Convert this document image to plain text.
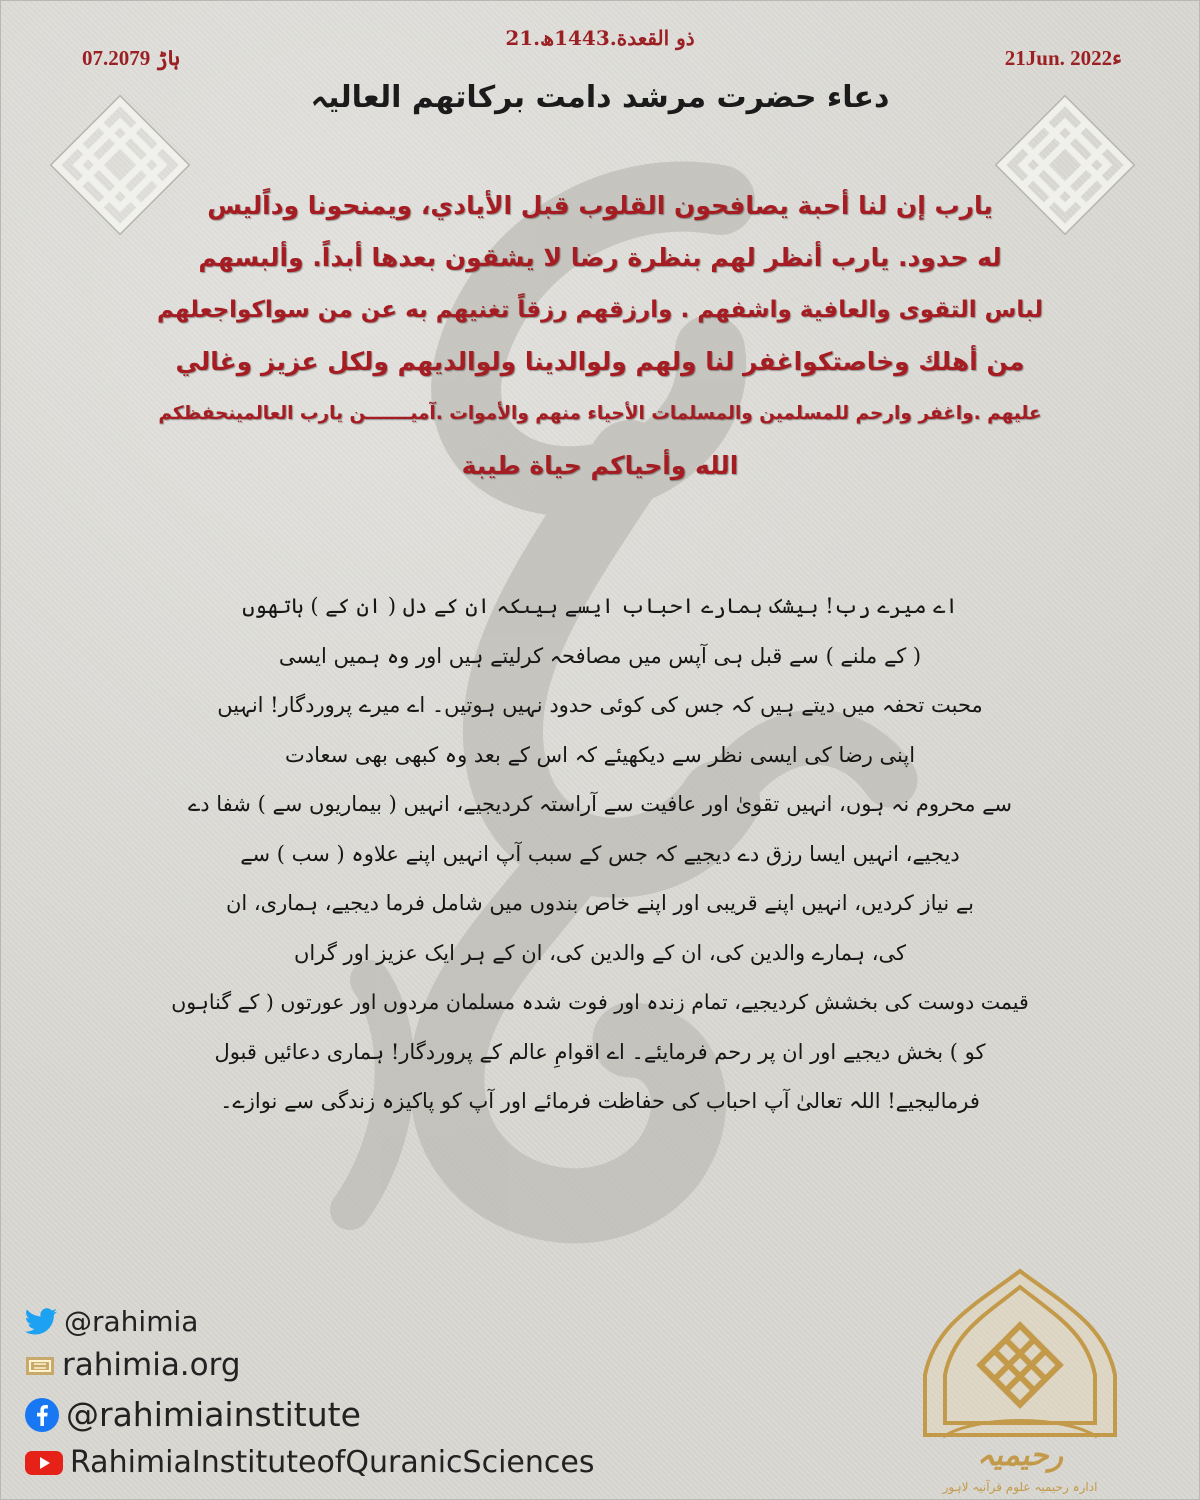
21.ذو القعدة.1443ھ
21Jun. 2022ء
07.ہاڑ 2079
دعاء حضرت مرشد دامت برکاتھم العالیہ
یارب إن لنا أحبة یصافحون القلوب قبل الأیادي، ویمنحونا وداًلیس
له حدود. یارب أنظر لهم بنظرة رضا لا یشقون بعدها أبداً. وألبسهم
لباس التقوی والعافیة واشفهم . وارزقهم رزقاً تغنیهم به عن من سواکواجعلهم
من أهلك وخاصتکواغفر لنا ولهم ولوالدینا ولوالدیهم ولکل عزیز وغالي
علیهم .واغفر وارحم للمسلمین والمسلمات الأحیاء منهم والأموات .آمیـــــــن یارب العالمینحفظکم
الله وأحیاکم حیاة طیبة
اے میرے رب! بیشک ہمارے احباب ایسے ہیںکہ ان کے دل ( ان کے ) ہاتھوں
( کے ملنے ) سے قبل ہی آپس میں مصافحہ کرلیتے ہیں اور وہ ہمیں ایسی
محبت تحفہ میں دیتے ہیں کہ جس کی کوئی حدود نہیں ہوتیں۔ اے میرے پروردگار! انہیں
اپنی رضا کی ایسی نظر سے دیکھیئے کہ اس کے بعد وہ کبھی بھی سعادت
سے محروم نہ ہوں، انہیں تقویٰ اور عافیت سے آراستہ کردیجیے، انہیں ( بیماریوں سے ) شفا دے
دیجیے، انہیں ایسا رزق دے دیجیے کہ جس کے سبب آپ انہیں اپنے علاوہ ( سب ) سے
بے نیاز کردیں، انہیں اپنے قریبی اور اپنے خاص بندوں میں شامل فرما دیجیے، ہماری، ان
کی، ہمارے والدین کی، ان کے والدین کی، ان کے ہر ایک عزیز اور گراں
قیمت دوست کی بخشش کردیجیے، تمام زندہ اور فوت شدہ مسلمان مردوں اور عورتوں ( کے گناہوں
کو ) بخش دیجیے اور ان پر رحم فرمایئے۔ اے اقوامِ عالم کے پروردگار! ہماری دعائیں قبول
فرمالیجیے! اللہ تعالیٰ آپ احباب کی حفاظت فرمائے اور آپ کو پاکیزہ زندگی سے نوازے۔
@rahimia
rahimia.org
@rahimiainstitute
RahimiaInstituteofQuranicSciences	رحیمیہ
ادارہ رحیمیہ علوم قرآنیہ لاہور
